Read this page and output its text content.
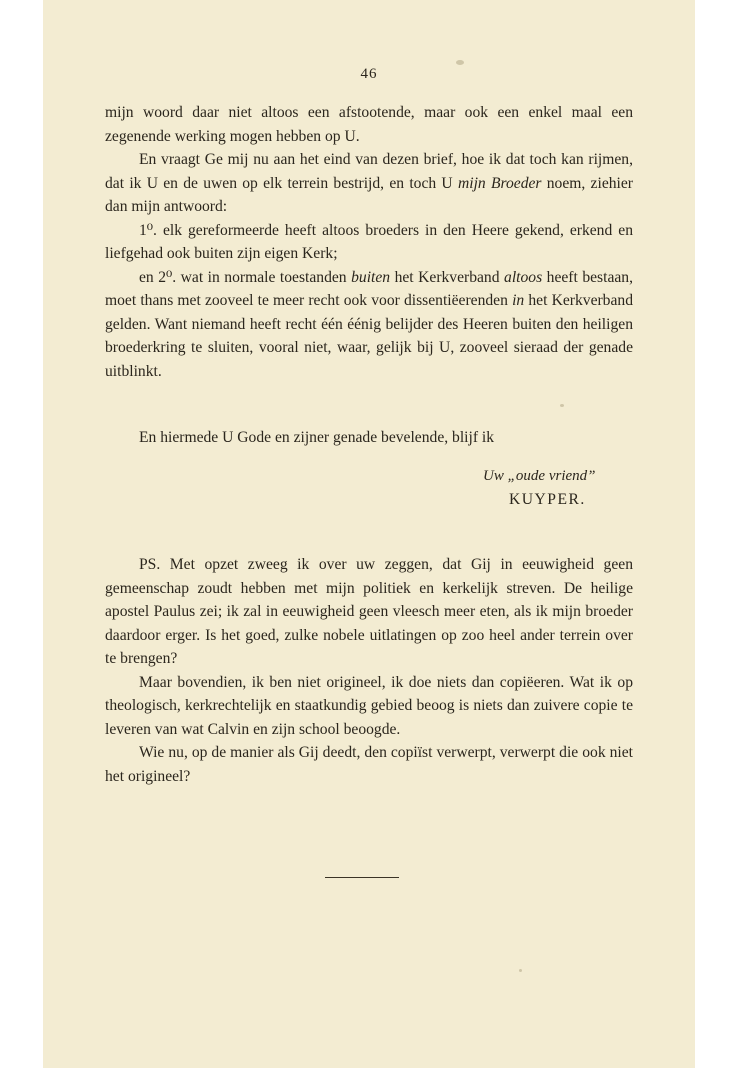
46

mijn woord daar niet altoos een afstootende, maar ook een enkel maal een zegenende werking mogen hebben op U.

En vraagt Ge mij nu aan het eind van dezen brief, hoe ik dat toch kan rijmen, dat ik U en de uwen op elk terrein bestrijd, en toch U mijn Broeder noem, ziehier dan mijn antwoord:

1⁰. elk gereformeerde heeft altoos broeders in den Heere gekend, erkend en liefgehad ook buiten zijn eigen Kerk;

en 2⁰. wat in normale toestanden buiten het Kerkverband altoos heeft bestaan, moet thans met zooveel te meer recht ook voor dissentiëerenden in het Kerkverband gelden. Want niemand heeft recht één éénig belijder des Heeren buiten den heiligen broederkring te sluiten, vooral niet, waar, gelijk bij U, zooveel sieraad der genade uitblinkt.

En hiermede U Gode en zijner genade bevelende, blijf ik

Uw „oude vriend”
KUYPER.

PS. Met opzet zweeg ik over uw zeggen, dat Gij in eeuwigheid geen gemeenschap zoudt hebben met mijn politiek en kerkelijk streven. De heilige apostel Paulus zei; ik zal in eeuwigheid geen vleesch meer eten, als ik mijn broeder daardoor erger. Is het goed, zulke nobele uitlatingen op zoo heel ander terrein over te brengen?

Maar bovendien, ik ben niet origineel, ik doe niets dan copiëeren. Wat ik op theologisch, kerkrechtelijk en staatkundig gebied beoog is niets dan zuivere copie te leveren van wat Calvin en zijn school beoogde.

Wie nu, op de manier als Gij deedt, den copiïst verwerpt, verwerpt die ook niet het origineel?
